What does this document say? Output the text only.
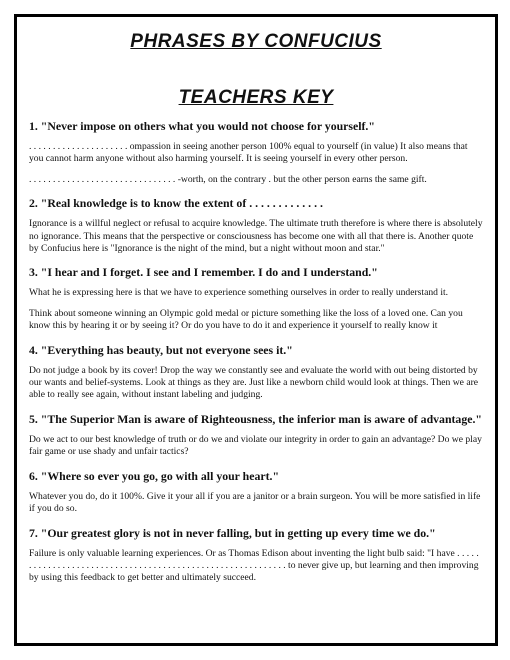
PHRASES BY CONFUCIUS
TEACHERS KEY
1. "Never impose on others what you would not choose for yourself."
. . . . . . . . . . . . . . . . . . . . . ompassion in seeing another person 100% equal to yourself (in value) It also means that you cannot harm anyone without also harming yourself. It is seeing yourself in every other person.
. . . . . . . . . . . . . . . . . . . . . . . . . . . . . . . -worth, on the contrary . but the other person earns the same gift.
2. "Real knowledge is to know the extent of . . . . . . . . . . . . .
Ignorance is a willful neglect or refusal to acquire knowledge. The ultimate truth therefore is where there is absolutely no ignorance. This means that the perspective or consciousness has become one with all that there is. Another quote by Confucius here is "Ignorance is the night of the mind, but a night without moon and star."
3. "I hear and I forget. I see and I remember. I do and I understand."
What he is expressing here is that we have to experience something ourselves in order to really understand it.
Think about someone winning an Olympic gold medal or picture something like the loss of a loved one. Can you know this by hearing it or by seeing it? Or do you have to do it and experience it yourself to really know it
4. "Everything has beauty, but not everyone sees it."
Do not judge a book by its cover! Drop the way we constantly see and evaluate the world with out being distorted by our wants and belief-systems. Look at things as they are. Just like a newborn child would look at things. Then we are able to really see again, without instant labeling and judging.
5. "The Superior Man is aware of Righteousness, the inferior man is aware of advantage."
Do we act to our best knowledge of truth or do we and violate our integrity in order to gain an advantage? Do we play fair game or use shady and unfair tactics?
6. "Where so ever you go, go with all your heart."
Whatever you do, do it 100%. Give it your all if you are a janitor or a brain surgeon. You will be more satisfied in life if you do so.
7. "Our greatest glory is not in never falling, but in getting up every time we do."
Failure is only valuable learning experiences. Or as Thomas Edison about inventing the light bulb said: "I have . . . . . . . . . . . . . . . . . . . . . . . . . . . . . . . . . . . . . . . . . . . . . . . . . . . . . . . . . . . to never give up, but learning and then improving by using this feedback to get better and ultimately succeed.
